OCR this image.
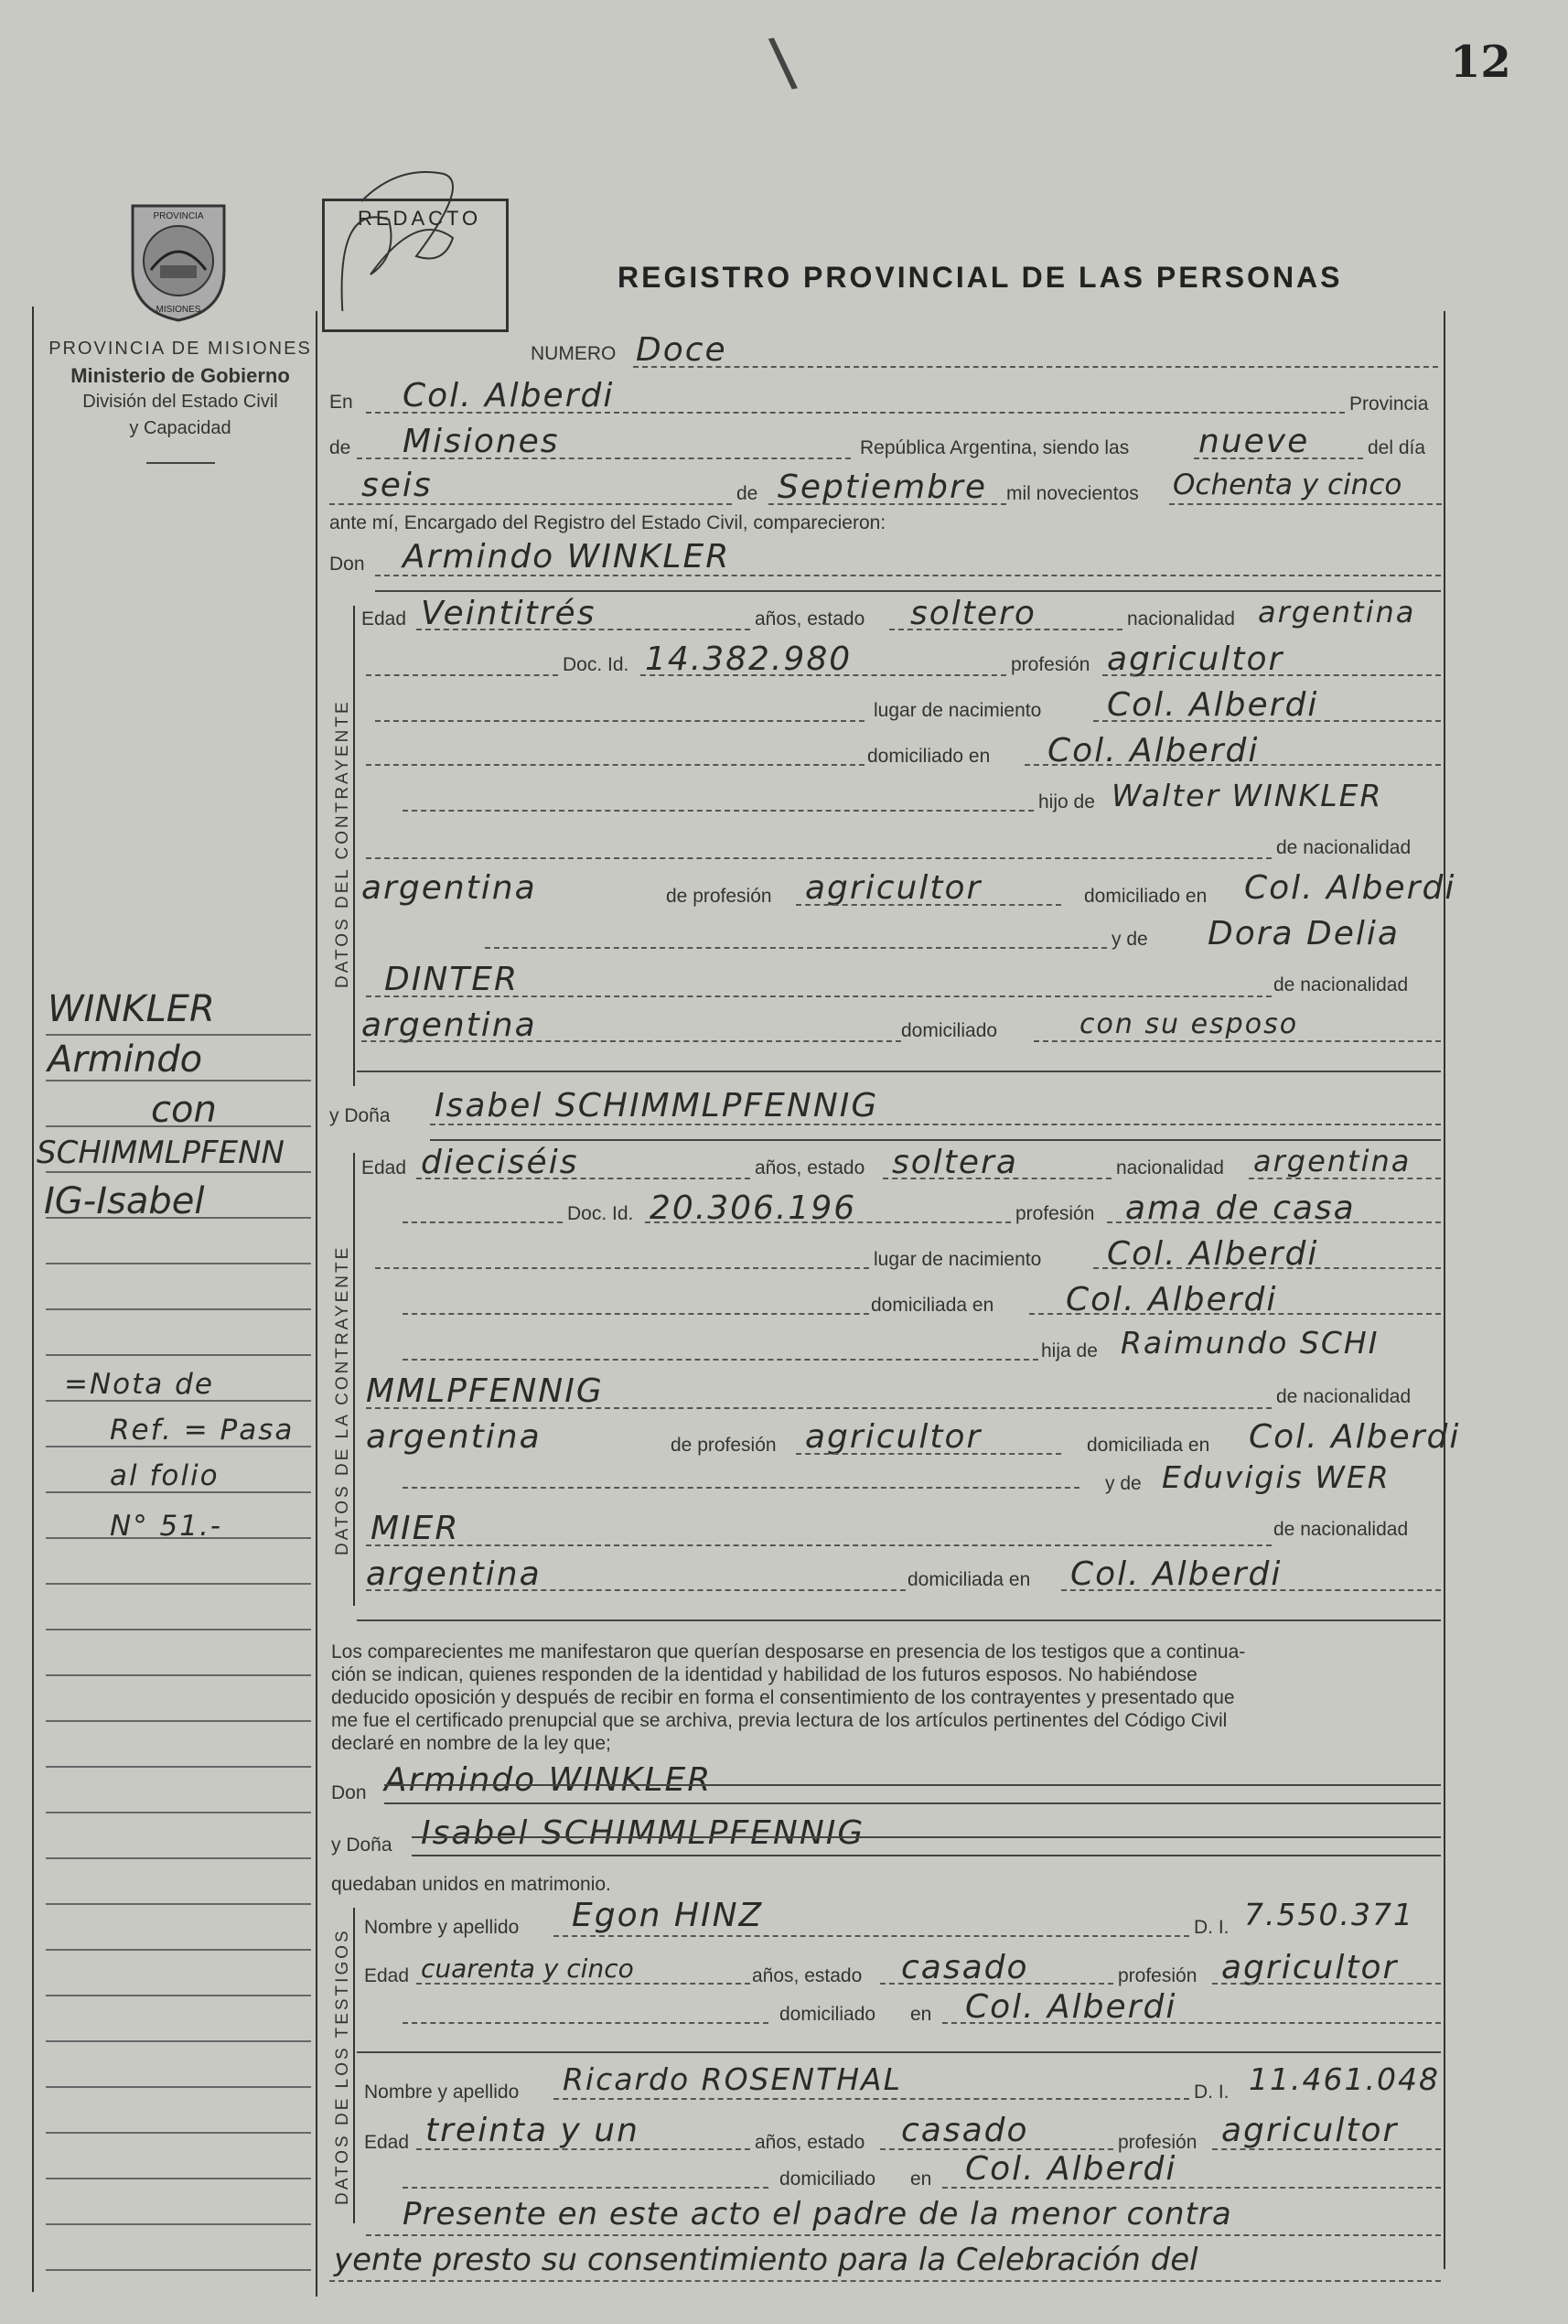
12
\
PROVINCIA
MISIONES
PROVINCIA DE MISIONES
Ministerio de Gobierno
División del Estado Civil
y Capacidad
REDACTO
REGISTRO PROVINCIAL DE LAS PERSONAS
WINKLER
Armindo
con
SCHIMMLPFENN
IG-Isabel
=Nota de
Ref. = Pasa
al folio
N° 51.-
NUMERO Doce
En Col. Alberdi	Provincia
de Misiones	República Argentina, siendo las nueve	del día
seis	de Septiembre mil novecientos Ochenta y cinco
ante mí, Encargado del Registro del Estado Civil, comparecieron:
Don Armindo WINKLER
DATOS DEL CONTRAYENTE
Edad Veintitrés	años, estado soltero	nacionalidad argentina
Doc. Id. 14.382.980	profesión agricultor
lugar de nacimiento Col. Alberdi
domiciliado en Col. Alberdi
hijo de Walter WINKLER
de nacionalidad
argentina	de profesión agricultor	domiciliado en Col. Alberdi
y de Dora Delia
DINTER	de nacionalidad
argentina	domiciliado	con su esposo
y Doña Isabel SCHIMMLPFENNIG
DATOS DE LA CONTRAYENTE
Edad dieciséis	años, estado soltera	nacionalidad argentina
Doc. Id. 20.306.196	profesión ama de casa
lugar de nacimiento Col. Alberdi
domiciliada en Col. Alberdi
hija de Raimundo SCHI
MMLPFENNIG	de nacionalidad
argentina	de profesión agricultor	domiciliada en Col. Alberdi
y de Eduvigis WER
MIER	de nacionalidad
argentina	domiciliada en Col. Alberdi
Los comparecientes me manifestaron que querían desposarse en presencia de los testigos que a continua-
ción se indican, quienes responden de la identidad y habilidad de los futuros esposos. No habiéndose
deducido oposición y después de recibir en forma el consentimiento de los contrayentes y presentado que
me fue el certificado prenupcial que se archiva, previa lectura de los artículos pertinentes del Código Civil
declaré en nombre de la ley que;
Don Armindo WINKLER
y Doña Isabel SCHIMMLPFENNIG
quedaban unidos en matrimonio.
DATOS DE LOS TESTIGOS
Nombre y apellido Egon HINZ	D. I. 7.550.371
Edad cuarenta y cinco	años, estado casado	profesión agricultor
domiciliado en Col. Alberdi
Nombre y apellido Ricardo ROSENTHAL	D. I. 11.461.048
Edad treinta y un	años, estado casado	profesión agricultor
domiciliado en Col. Alberdi
Presente en este acto el padre de la menor contra
yente presto su consentimiento para la Celebración del
